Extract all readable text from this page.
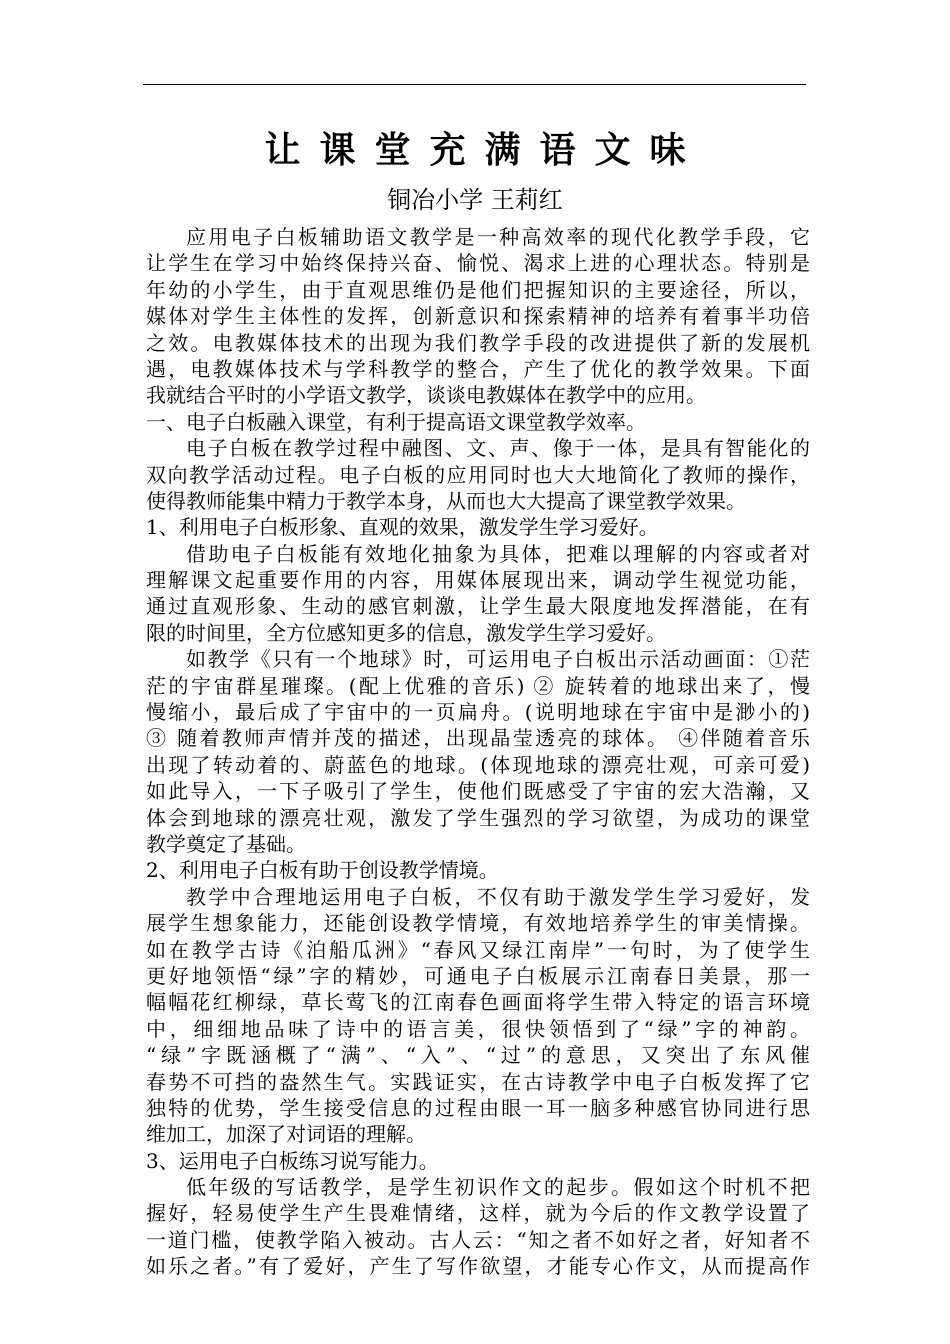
让课堂充满语文味
铜冶小学 王莉红
应用电子白板辅助语文教学是一种高效率的现代化教学手段，它
让学生在学习中始终保持兴奋、愉悦、渴求上进的心理状态。特别是
年幼的小学生，由于直观思维仍是他们把握知识的主要途径，所以，
媒体对学生主体性的发挥，创新意识和探索精神的培养有着事半功倍
之效。电教媒体技术的出现为我们教学手段的改进提供了新的发展机
遇，电教媒体技术与学科教学的整合，产生了优化的教学效果。下面
我就结合平时的小学语文教学，谈谈电教媒体在教学中的应用。
一、电子白板融入课堂，有利于提高语文课堂教学效率。
电子白板在教学过程中融图、文、声、像于一体，是具有智能化的
双向教学活动过程。电子白板的应用同时也大大地简化了教师的操作，
使得教师能集中精力于教学本身，从而也大大提高了课堂教学效果。
1、利用电子白板形象、直观的效果，激发学生学习爱好。
借助电子白板能有效地化抽象为具体，把难以理解的内容或者对
理解课文起重要作用的内容，用媒体展现出来，调动学生视觉功能，
通过直观形象、生动的感官刺激，让学生最大限度地发挥潜能，在有
限的时间里，全方位感知更多的信息，激发学生学习爱好。
如教学《只有一个地球》时，可运用电子白板出示活动画面：①茫
茫的宇宙群星璀璨。(配上优雅的音乐) ② 旋转着的地球出来了，慢
慢缩小，最后成了宇宙中的一页扁舟。(说明地球在宇宙中是渺小的)
③ 随着教师声情并茂的描述，出现晶莹透亮的球体。 ④伴随着音乐
出现了转动着的、蔚蓝色的地球。(体现地球的漂亮壮观，可亲可爱)
如此导入，一下子吸引了学生，使他们既感受了宇宙的宏大浩瀚，又
体会到地球的漂亮壮观，激发了学生强烈的学习欲望，为成功的课堂
教学奠定了基础。
2、利用电子白板有助于创设教学情境。
教学中合理地运用电子白板，不仅有助于激发学生学习爱好，发
展学生想象能力，还能创设教学情境，有效地培养学生的审美情操。
如在教学古诗《泊船瓜洲》“春风又绿江南岸”一句时，为了使学生
更好地领悟“绿”字的精妙，可通电子白板展示江南春日美景，那一
幅幅花红柳绿，草长莺飞的江南春色画面将学生带入特定的语言环境
中，细细地品味了诗中的语言美，很快领悟到了“绿”字的神韵。
“绿”字既涵概了“满”、“入”、“过”的意思，又突出了东风催
春势不可挡的盎然生气。实践证实，在古诗教学中电子白板发挥了它
独特的优势，学生接受信息的过程由眼一耳一脑多种感官协同进行思
维加工，加深了对词语的理解。
3、运用电子白板练习说写能力。
低年级的写话教学，是学生初识作文的起步。假如这个时机不把
握好，轻易使学生产生畏难情绪，这样，就为今后的作文教学设置了
一道门槛，使教学陷入被动。古人云：“知之者不如好之者，好知者不
如乐之者。”有了爱好，产生了写作欲望，才能专心作文，从而提高作
